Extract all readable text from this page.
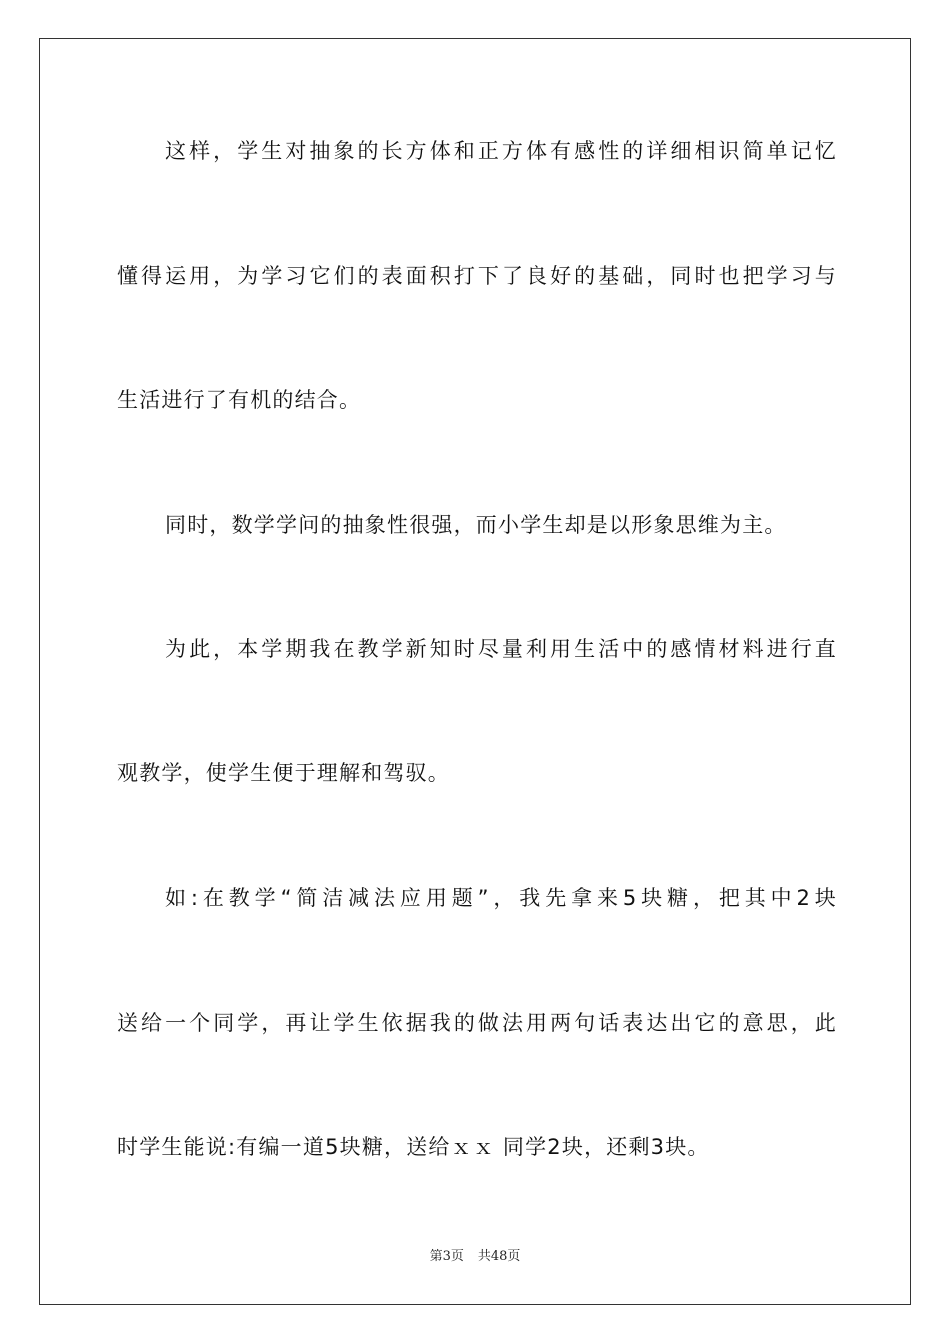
这样，学生对抽象的长方体和正方体有感性的详细相识简单记忆
懂得运用，为学习它们的表面积打下了良好的基础，同时也把学习与
生活进行了有机的结合。
同时，数学学问的抽象性很强，而小学生却是以形象思维为主。
为此，本学期我在教学新知时尽量利用生活中的感情材料进行直
观教学，使学生便于理解和驾驭。
如:在教学“简洁减法应用题”，我先拿来5块糖，把其中2块
送给一个同学，再让学生依据我的做法用两句话表达出它的意思，此
时学生能说:有编一道5块糖，送给ｘｘ 同学2块，还剩3块。
第3页 共48页
